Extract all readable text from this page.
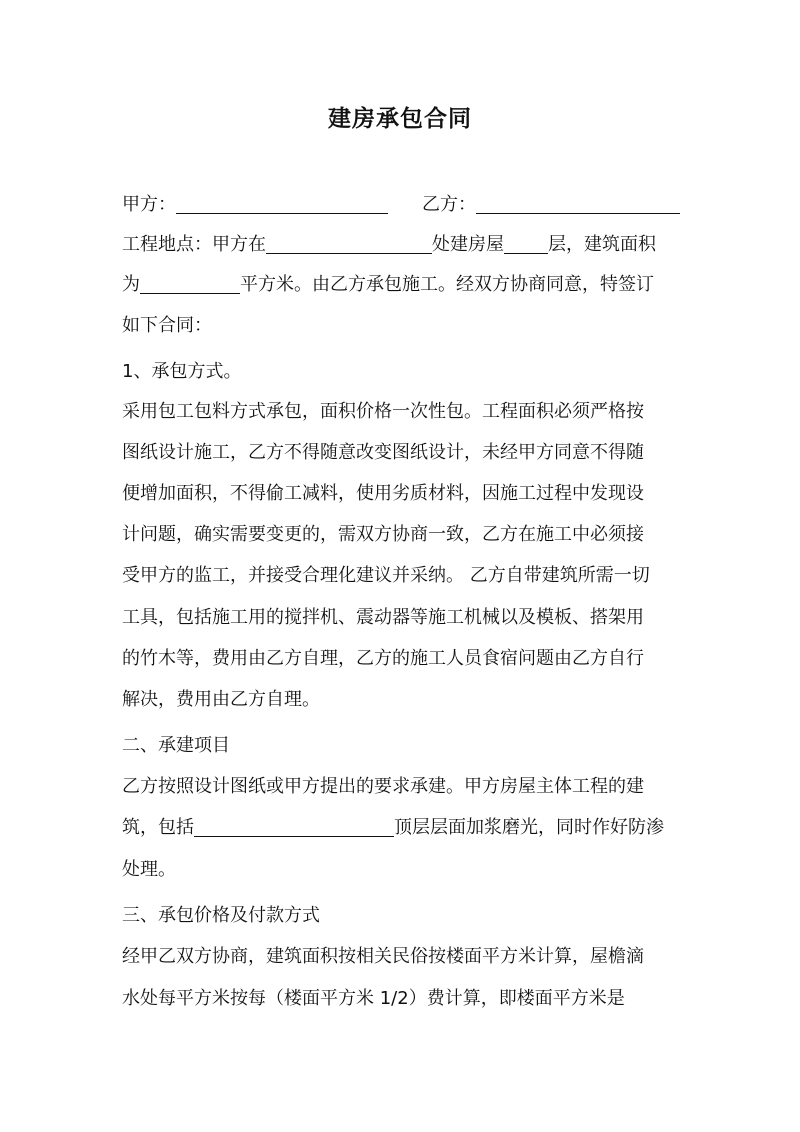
建房承包合同
甲方：	乙方：
工程地点：甲方在	处建房屋 层，建筑面积
为	平方米。由乙方承包施工。经双方协商同意，特签订
如下合同：
1、承包方式。
采用包工包料方式承包，面积价格一次性包。工程面积必须严格按
图纸设计施工，乙方不得随意改变图纸设计，未经甲方同意不得随
便增加面积，不得偷工减料，使用劣质材料，因施工过程中发现设
计问题，确实需要变更的，需双方协商一致，乙方在施工中必须接
受甲方的监工，并接受合理化建议并采纳。 乙方自带建筑所需一切
工具，包括施工用的搅拌机、震动器等施工机械以及模板、搭架用
的竹木等，费用由乙方自理，乙方的施工人员食宿问题由乙方自行
解决，费用由乙方自理。
二、承建项目
乙方按照设计图纸或甲方提出的要求承建。甲方房屋主体工程的建
筑，包括	顶层层面加浆磨光，同时作好防渗
处理。
三、承包价格及付款方式
经甲乙双方协商，建筑面积按相关民俗按楼面平方米计算，屋檐滴
水处每平方米按每（楼面平方米 1/2）费计算，即楼面平方米是
